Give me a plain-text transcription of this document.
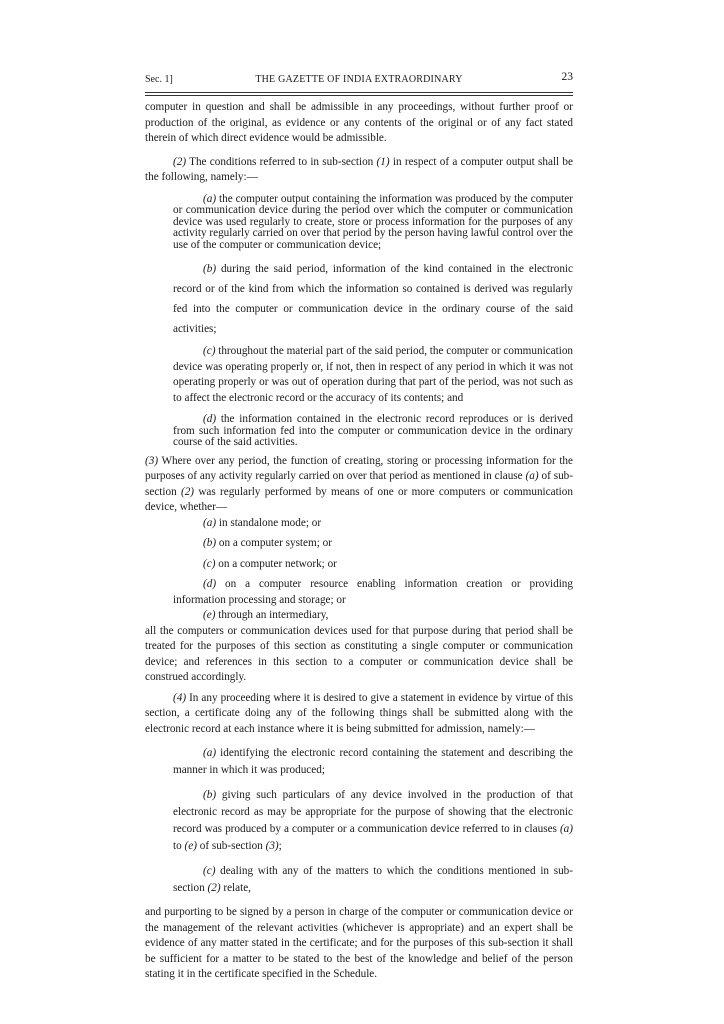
Sec. 1]	THE GAZETTE OF INDIA EXTRAORDINARY	23

computer in question and shall be admissible in any proceedings, without further proof or production of the original, as evidence or any contents of the original or of any fact stated therein of which direct evidence would be admissible.

(2) The conditions referred to in sub-section (1) in respect of a computer output shall be the following, namely:—

(a) the computer output containing the information was produced by the computer or communication device during the period over which the computer or communication device was used regularly to create, store or process information for the purposes of any activity regularly carried on over that period by the person having lawful control over the use of the computer or communication device;

(b) during the said period, information of the kind contained in the electronic record or of the kind from which the information so contained is derived was regularly fed into the computer or communication device in the ordinary course of the said activities;

(c) throughout the material part of the said period, the computer or communication device was operating properly or, if not, then in respect of any period in which it was not operating properly or was out of operation during that part of the period, was not such as to affect the electronic record or the accuracy of its contents; and

(d) the information contained in the electronic record reproduces or is derived from such information fed into the computer or communication device in the ordinary course of the said activities.

(3) Where over any period, the function of creating, storing or processing information for the purposes of any activity regularly carried on over that period as mentioned in clause (a) of sub-section (2) was regularly performed by means of one or more computers or communication device, whether—

(a) in standalone mode; or

(b) on a computer system; or

(c) on a computer network; or

(d) on a computer resource enabling information creation or providing information processing and storage; or

(e) through an intermediary,

all the computers or communication devices used for that purpose during that period shall be treated for the purposes of this section as constituting a single computer or communication device; and references in this section to a computer or communication device shall be construed accordingly.

(4) In any proceeding where it is desired to give a statement in evidence by virtue of this section, a certificate doing any of the following things shall be submitted along with the electronic record at each instance where it is being submitted for admission, namely:—

(a) identifying the electronic record containing the statement and describing the manner in which it was produced;

(b) giving such particulars of any device involved in the production of that electronic record as may be appropriate for the purpose of showing that the electronic record was produced by a computer or a communication device referred to in clauses (a) to (e) of sub-section (3);

(c) dealing with any of the matters to which the conditions mentioned in sub-section (2) relate,

and purporting to be signed by a person in charge of the computer or communication device or the management of the relevant activities (whichever is appropriate) and an expert shall be evidence of any matter stated in the certificate; and for the purposes of this sub-section it shall be sufficient for a matter to be stated to the best of the knowledge and belief of the person stating it in the certificate specified in the Schedule.
